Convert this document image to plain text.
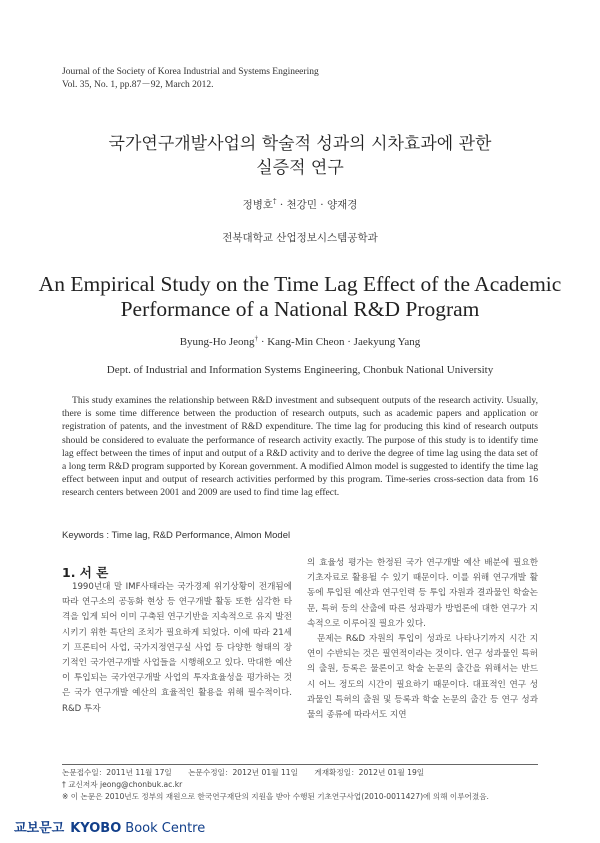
Journal of the Society of Korea Industrial and Systems Engineering
Vol. 35, No. 1, pp.87－92, March 2012.
국가연구개발사업의 학술적 성과의 시차효과에 관한
실증적 연구
정병호† · 천강민 · 양재경
전북대학교 산업정보시스템공학과
An Empirical Study on the Time Lag Effect of the Academic
Performance of a National R&D Program
Byung-Ho Jeong† · Kang-Min Cheon · Jaekyung Yang
Dept. of Industrial and Information Systems Engineering, Chonbuk National University
This study examines the relationship between R&D investment and subsequent outputs of the research activity. Usually, there is some time difference between the production of research outputs, such as academic papers and application or registration of patents, and the investment of R&D expenditure. The time lag for producing this kind of research outputs should be considered to evaluate the performance of research activity exactly. The purpose of this study is to identify time lag effect between the times of input and output of a R&D activity and to derive the degree of time lag using the data set of a long term R&D program supported by Korean government. A modified Almon model is suggested to identify the time lag effect between input and output of research activities performed by this program. Time-series cross-section data from 16 research centers between 2001 and 2009 are used to find time lag effect.
Keywords : Time lag, R&D Performance, Almon Model
1. 서 론

1990년대 말 IMF사태라는 국가경제 위기상황이 전개됨에 따라 연구소의 공동화 현상 등 연구개발 활동 또한 심각한 타격을 입게 되어 이미 구축된 연구기반을 지속적으로 유지 발전시키기 위한 특단의 조치가 필요하게 되었다. 이에 따라 21세기 프론티어 사업, 국가지정연구실 사업 등 다양한 형태의 장기적인 국가연구개발 사업들을 시행해오고 있다. 막대한 예산이 투입되는 국가연구개발 사업의 투자효율성을 평가하는 것은 국가 연구개발 예산의 효율적인 활용을 위해 필수적이다. R&D 투자

의 효율성 평가는 한정된 국가 연구개발 예산 배분에 필요한 기초자료로 활용될 수 있기 때문이다. 이를 위해 연구개발 활동에 투입된 예산과 연구인력 등 투입 자원과 결과물인 학술논문, 특허 등의 산출에 따른 성과평가 방법론에 대한 연구가 지속적으로 이루어질 필요가 있다.

문제는 R&D 자원의 투입이 성과로 나타나기까지 시간 지연이 수반되는 것은 필연적이라는 것이다. 연구 성과물인 특허의 출원, 등록은 물론이고 학술 논문의 출간을 위해서는 반드시 어느 정도의 시간이 필요하기 때문이다. 대표적인 연구 성과물인 특허의 출원 및 등록과 학술 논문의 출간 등 연구 성과물의 종류에 따라서도 지연

논문접수일：2011년 11월 17일 논문수정일：2012년 01월 11일 게재확정일：2012년 01월 19일
† 교신저자 jeong@chonbuk.ac.kr
※ 이 논문은 2010년도 정부의 재원으로 한국연구재단의 지원을 받아 수행된 기초연구사업(2010-0011427)에 의해 이루어졌음.
교보문고 KYOBO Book Centre
